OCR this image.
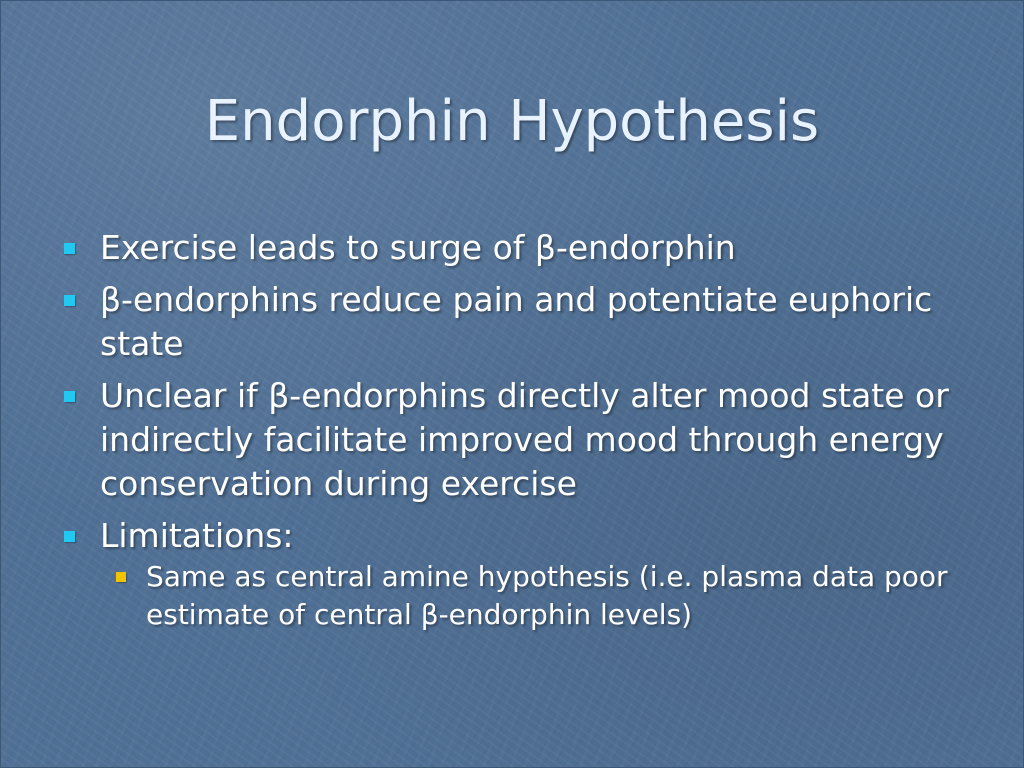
Endorphin Hypothesis
Exercise leads to surge of β-endorphin
β-endorphins reduce pain and potentiate euphoric state
Unclear if β-endorphins directly alter mood state or indirectly facilitate improved mood through energy conservation during exercise
Limitations:
Same as central amine hypothesis (i.e. plasma data poor estimate of central β-endorphin levels)
